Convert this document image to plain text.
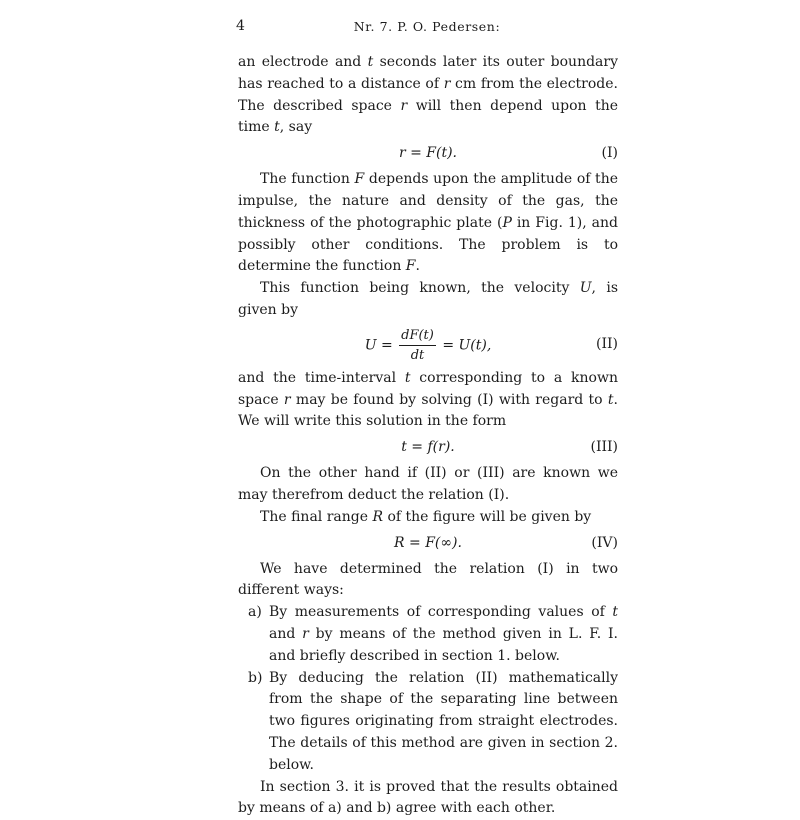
4	Nr. 7. P. O. Pedersen:

an electrode and t seconds later its outer boundary has reached to a distance of r cm from the electrode. The described space r will then depend upon the time t, say

r = F(t).	(I)

The function F depends upon the amplitude of the impulse, the nature and density of the gas, the thickness of the photographic plate (P in Fig. 1), and possibly other conditions. The problem is to determine the function F.

This function being known, the velocity U, is given by

$U = \frac{dF(t)}{dt} = U(t)$,	(II)

and the time-interval t corresponding to a known space r may be found by solving (I) with regard to t. We will write this solution in the form

t = f(r).	(III)

On the other hand if (II) or (III) are known we may therefrom deduct the relation (I).

The final range R of the figure will be given by

R = F(∞).	(IV)

We have determined the relation (I) in two different ways:

a) By measurements of corresponding values of t and r by means of the method given in L. F. I. and briefly described in section 1. below.

b) By deducing the relation (II) mathematically from the shape of the separating line between two figures originating from straight electrodes. The details of this method are given in section 2. below.

In section 3. it is proved that the results obtained by means of a) and b) agree with each other.
